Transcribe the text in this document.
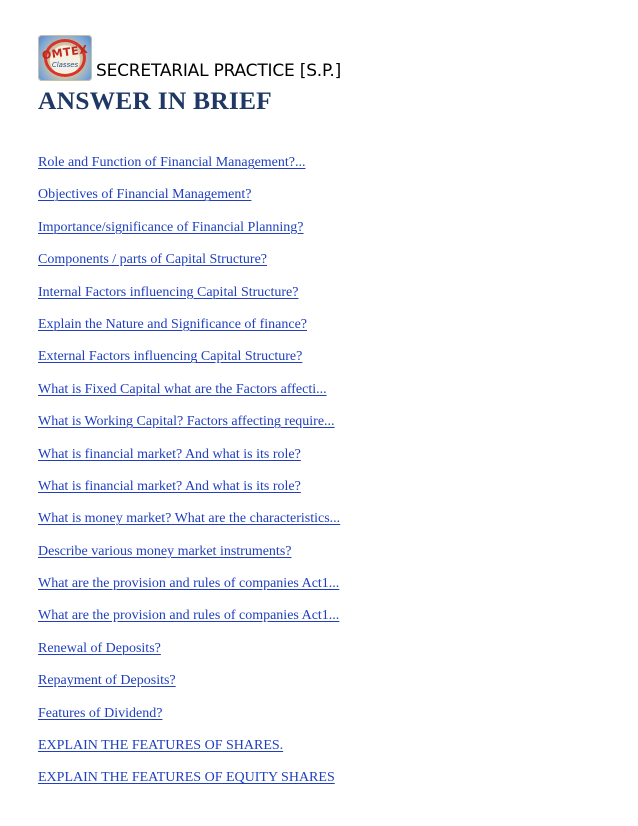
OMTEX
Classes	SECRETARIAL PRACTICE [S.P.]
ANSWER IN BRIEF
Role and Function of Financial Management?...
Objectives of Financial Management?
Importance/significance of Financial Planning?
Components / parts of Capital Structure?
Internal Factors influencing Capital Structure?
Explain the Nature and Significance of finance?
External Factors influencing Capital Structure?
What is Fixed Capital what are the Factors affecti...
What is Working Capital? Factors affecting require...
What is financial market? And what is its role?
What is financial market? And what is its role?
What is money market? What are the characteristics...
Describe various money market instruments?
What are the provision and rules of companies Act1...
What are the provision and rules of companies Act1...
Renewal of Deposits?
Repayment of Deposits?
Features of Dividend?
EXPLAIN THE FEATURES OF SHARES.
EXPLAIN THE FEATURES OF EQUITY SHARES
